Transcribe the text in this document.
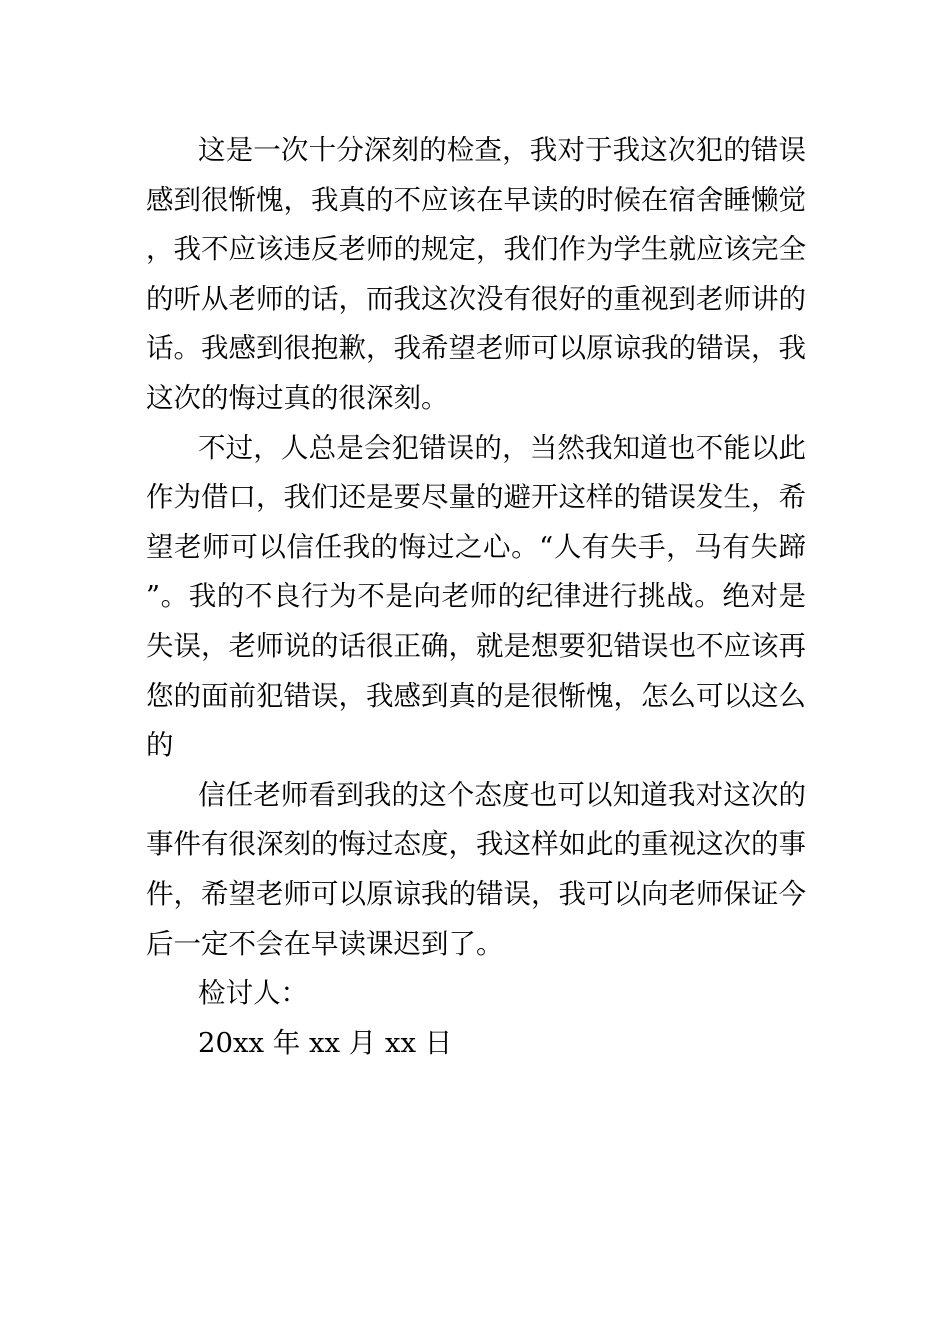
这是一次十分深刻的检查，我对于我这次犯的错误感到很惭愧，我真的不应该在早读的时候在宿舍睡懒觉，我不应该违反老师的规定，我们作为学生就应该完全的听从老师的话，而我这次没有很好的重视到老师讲的话。我感到很抱歉，我希望老师可以原谅我的错误，我这次的悔过真的很深刻。

不过，人总是会犯错误的，当然我知道也不能以此作为借口，我们还是要尽量的避开这样的错误发生，希望老师可以信任我的悔过之心。“人有失手，马有失蹄”。我的不良行为不是向老师的纪律进行挑战。绝对是失误，老师说的话很正确，就是想要犯错误也不应该再您的面前犯错误，我感到真的是很惭愧，怎么可以这么的

信任老师看到我的这个态度也可以知道我对这次的事件有很深刻的悔过态度，我这样如此的重视这次的事件，希望老师可以原谅我的错误，我可以向老师保证今后一定不会在早读课迟到了。

检讨人：

20xx 年 xx 月 xx 日
